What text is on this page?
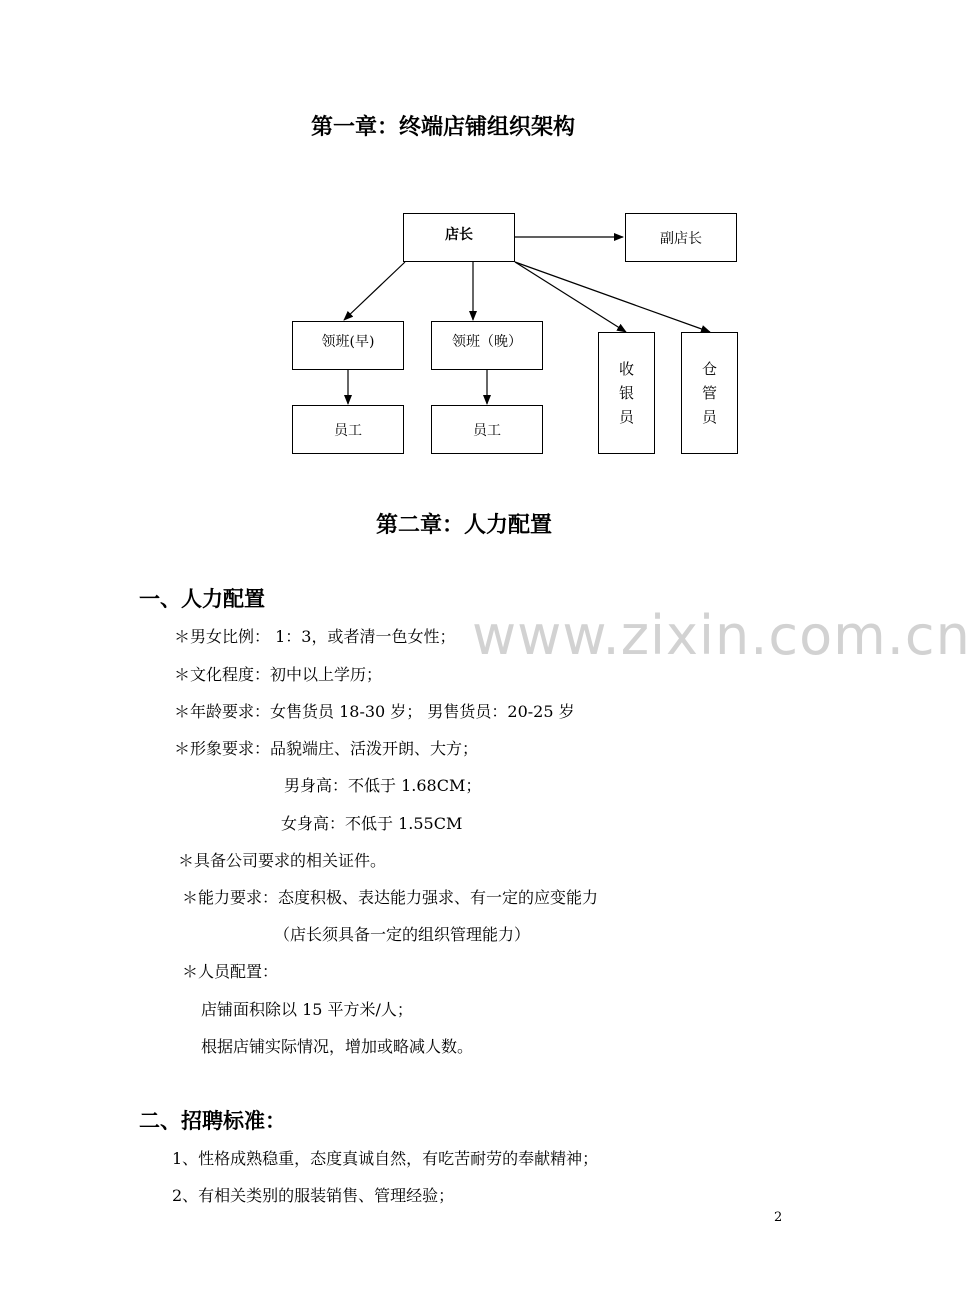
www.zixin.com.cn
第一章：终端店铺组织架构
店长	副店长
领班(早)	领班（晚）
员工	员工
收
银
员
仓
管
员
第二章：人力配置
一、人力配置
＊男女比例： 1：3，或者清一色女性；
＊文化程度：初中以上学历；
＊年龄要求：女售货员 18-30 岁； 男售货员：20-25 岁
＊形象要求：品貌端庄、活泼开朗、大方；
男身高：不低于 1.68CM；
女身高：不低于 1.55CM
＊具备公司要求的相关证件。
＊能力要求：态度积极、表达能力强求、有一定的应变能力
（店长须具备一定的组织管理能力）
＊人员配置：
店铺面积除以 15 平方米/人；
根据店铺实际情况，增加或略减人数。
二、招聘标准：
1、性格成熟稳重，态度真诚自然，有吃苦耐劳的奉献精神；
2、有相关类别的服装销售、管理经验；
2
